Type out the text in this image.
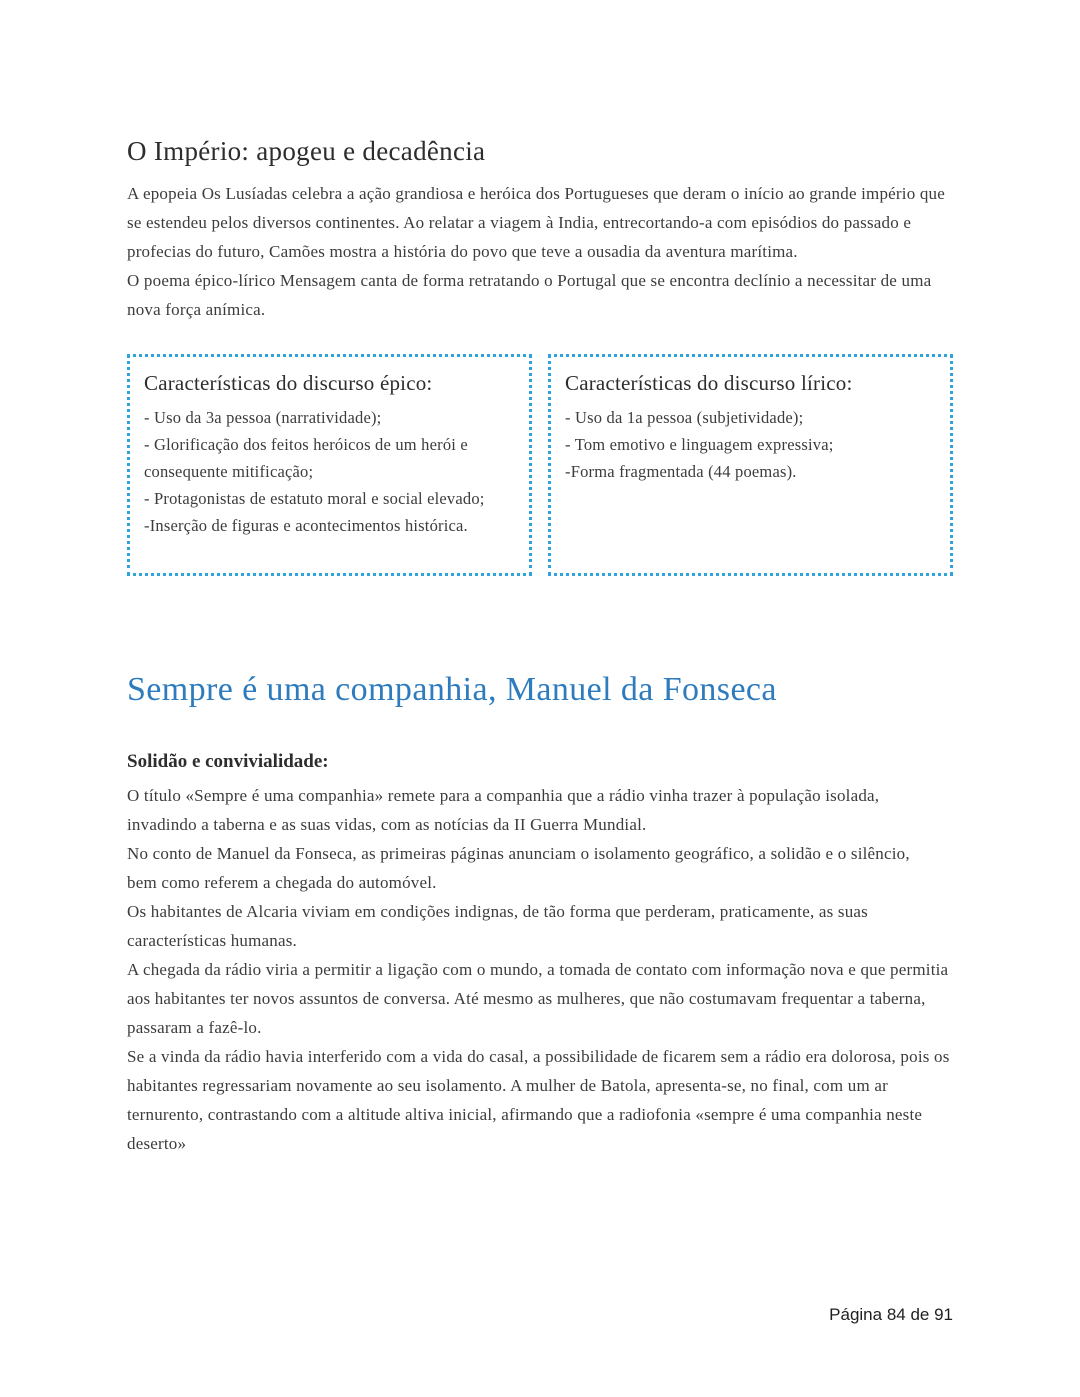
O Império: apogeu e decadência

A epopeia Os Lusíadas celebra a ação grandiosa e heróica dos Portugueses que deram o início ao grande império que se estendeu pelos diversos continentes. Ao relatar a viagem à India, entrecortando-a com episódios do passado e profecias do futuro, Camões mostra a história do povo que teve a ousadia da aventura marítima.

O poema épico-lírico Mensagem canta de forma retratando o Portugal que se encontra declínio a necessitar de uma nova força anímica.

Características do discurso épico:

- Uso da 3a pessoa (narratividade);

- Glorificação dos feitos heróicos de um herói e consequente mitificação;

- Protagonistas de estatuto moral e social elevado;

-Inserção de figuras e acontecimentos histórica.

Características do discurso lírico:

- Uso da 1a pessoa (subjetividade);

- Tom emotivo e linguagem expressiva;

-Forma fragmentada (44 poemas).

Sempre é uma companhia, Manuel da Fonseca
Solidão e convivialidade:

O título «Sempre é uma companhia» remete para a companhia que a rádio vinha trazer à população isolada, invadindo a taberna e as suas vidas, com as notícias da II Guerra Mundial.

No conto de Manuel da Fonseca, as primeiras páginas anunciam o isolamento geográfico, a solidão e o silêncio,

bem como referem a chegada do automóvel.

Os habitantes de Alcaria viviam em condições indignas, de tão forma que perderam, praticamente, as suas características humanas.

A chegada da rádio viria a permitir a ligação com o mundo, a tomada de contato com informação nova e que permitia aos habitantes ter novos assuntos de conversa. Até mesmo as mulheres, que não costumavam frequentar a taberna, passaram a fazê-lo.

Se a vinda da rádio havia interferido com a vida do casal, a possibilidade de ficarem sem a rádio era dolorosa, pois os habitantes regressariam novamente ao seu isolamento. A mulher de Batola, apresenta-se, no final, com um ar ternurento, contrastando com a altitude altiva inicial, afirmando que a radiofonia «sempre é uma companhia neste deserto»

Página 84 de 91
